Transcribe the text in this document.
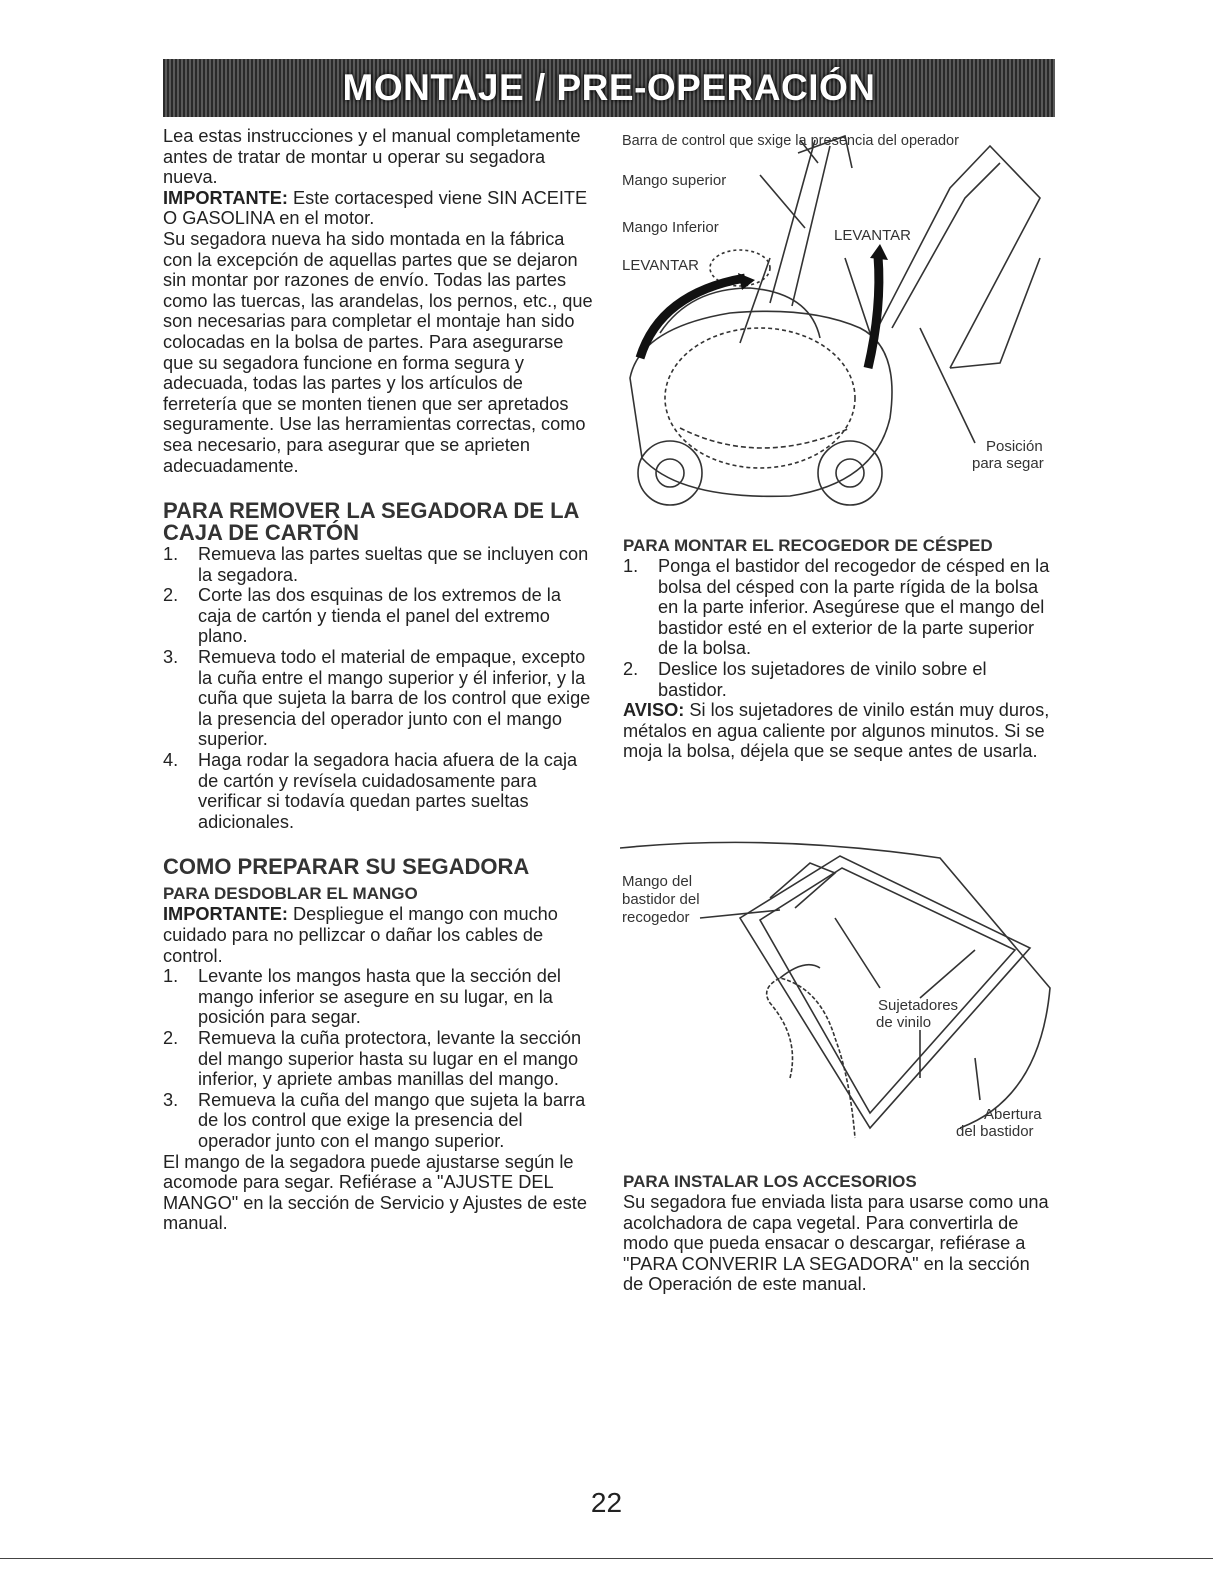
MONTAJE / PRE-OPERACIÓN

Lea estas instrucciones y el manual completamente antes de tratar de montar u operar su segadora nueva.

IMPORTANTE: Este cortacesped viene SIN ACEITE O GASOLINA en el motor.

Su segadora nueva ha sido montada en la fábrica con la excepción de aquellas partes que se dejaron sin montar por razones de envío. Todas las partes como las tuercas, las arandelas, los pernos, etc., que son necesarias para completar el montaje han sido colocadas en la bolsa de partes. Para asegurarse que su segadora funcione en forma segura y adecuada, todas las partes y los artículos de ferretería que se monten tienen que ser apretados seguramente. Use las herramientas correctas, como sea necesario, para asegurar que se aprieten adecuadamente.

PARA REMOVER LA SEGADORA DE LA CAJA DE CARTÓN
1. Remueva las partes sueltas que se incluyen con la segadora.
2. Corte las dos esquinas de los extremos de la caja de cartón y tienda el panel del extremo plano.
3. Remueva todo el material de empaque, excepto la cuña entre el mango superior y él inferior, y la cuña que sujeta la barra de los control que exige la presencia del operador junto con el mango superior.
4. Haga rodar la segadora hacia afuera de la caja de cartón y revísela cuidadosamente para verificar si todavía quedan partes sueltas adicionales.
COMO PREPARAR SU SEGADORA
PARA DESDOBLAR EL MANGO

IMPORTANTE: Despliegue el mango con mucho cuidado para no pellizcar o dañar los cables de control.

1. Levante los mangos hasta que la sección del mango inferior se asegure en su lugar, en la posición para segar.
2. Remueva la cuña protectora, levante la sección del mango superior hasta su lugar en el mango inferior, y apriete ambas manillas del mango.
3. Remueva la cuña del mango que sujeta la barra de los control que exige la presencia del operador junto con el mango superior.

El mango de la segadora puede ajustarse según le acomode para segar. Refiérase a "AJUSTE DEL MANGO" en la sección de Servicio y Ajustes de este manual.

Barra de control que sxige la presencia del operador
Mango superior
Mango Inferior
LEVANTAR
LEVANTAR
Posición
para segar
PARA MONTAR EL RECOGEDOR DE CÉSPED
1. Ponga el bastidor del recogedor de césped en la bolsa del césped con la parte rígida de la bolsa en la parte inferior. Asegúrese que el mango del bastidor esté en el exterior de la parte superior de la bolsa.
2. Deslice los sujetadores de vinilo sobre el bastidor.

AVISO: Si los sujetadores de vinilo están muy duros, métalos en agua caliente por algunos minutos. Si se moja la bolsa, déjela que se seque antes de usarla.

Mango del
bastidor del
recogedor
Sujetadores
de vinilo
Abertura
del bastidor
PARA INSTALAR LOS ACCESORIOS

Su segadora fue enviada lista para usarse como una acolchadora de capa vegetal. Para convertirla de modo que pueda ensacar o descargar, refiérase a "PARA CONVERIR LA SEGADORA" en la sección de Operación de este manual.

22
